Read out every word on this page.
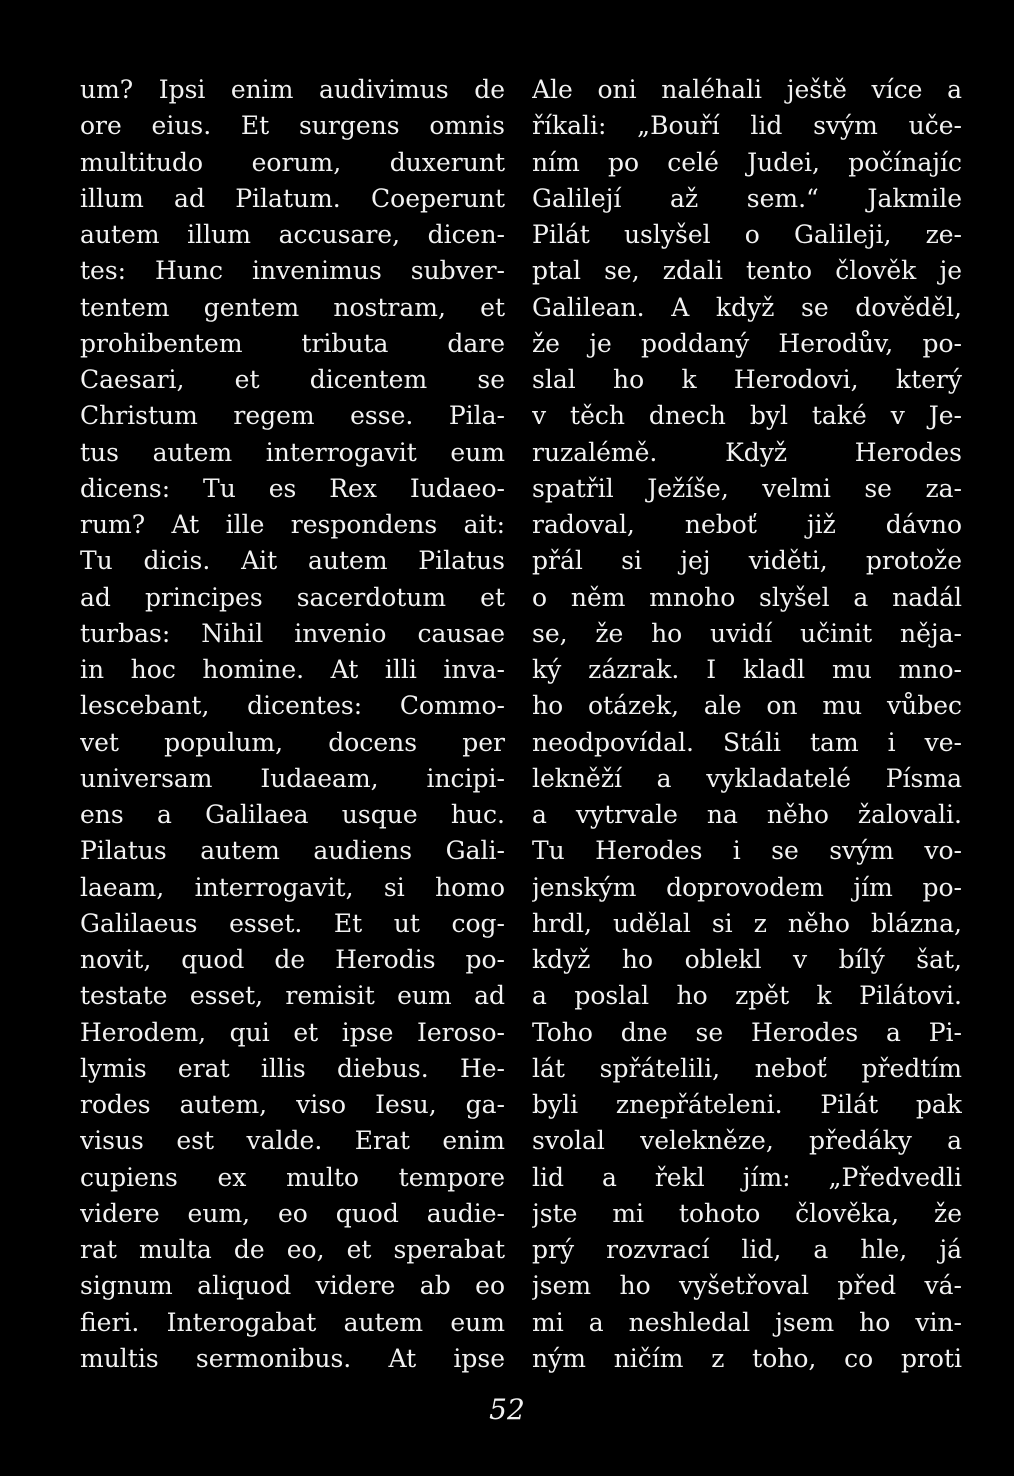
um? Ipsi enim audivimus de
ore eius. Et surgens omnis
multitudo eorum, duxerunt
illum ad Pilatum. Coeperunt
autem illum accusare, dicen-
tes: Hunc invenimus subver-
tentem gentem nostram, et
prohibentem tributa dare
Caesari, et dicentem se
Christum regem esse. Pila-
tus autem interrogavit eum
dicens: Tu es Rex Iudaeo-
rum? At ille respondens ait:
Tu dicis. Ait autem Pilatus
ad principes sacerdotum et
turbas: Nihil invenio causae
in hoc homine. At illi inva-
lescebant, dicentes: Commo-
vet populum, docens per
universam Iudaeam, incipi-
ens a Galilaea usque huc.
Pilatus autem audiens Gali-
laeam, interrogavit, si homo
Galilaeus esset. Et ut cog-
novit, quod de Herodis po-
testate esset, remisit eum ad
Herodem, qui et ipse Ieroso-
lymis erat illis diebus. He-
rodes autem, viso Iesu, ga-
visus est valde. Erat enim
cupiens ex multo tempore
videre eum, eo quod audie-
rat multa de eo, et sperabat
signum aliquod videre ab eo
fieri. Interogabat autem eum
multis sermonibus. At ipse
Ale oni naléhali ještě více a
říkali: „Bouří lid svým uče-
ním po celé Judei, počínajíc
Galilejí až sem.“ Jakmile
Pilát uslyšel o Galileji, ze-
ptal se, zdali tento člověk je
Galilean. A když se dověděl,
že je poddaný Herodův, po-
slal ho k Herodovi, který
v těch dnech byl také v Je-
ruzalémě. Když Herodes
spatřil Ježíše, velmi se za-
radoval, neboť již dávno
přál si jej viděti, protože
o něm mnoho slyšel a nadál
se, že ho uvidí učinit něja-
ký zázrak. I kladl mu mno-
ho otázek, ale on mu vůbec
neodpovídal. Stáli tam i ve-
lekněží a vykladatelé Písma
a vytrvale na něho žalovali.
Tu Herodes i se svým vo-
jenským doprovodem jím po-
hrdl, udělal si z něho blázna,
když ho oblekl v bílý šat,
a poslal ho zpět k Pilátovi.
Toho dne se Herodes a Pi-
lát spřátelili, neboť předtím
byli znepřáteleni. Pilát pak
svolal velekněze, předáky a
lid a řekl jím: „Předvedli
jste mi tohoto člověka, že
prý rozvrací lid, a hle, já
jsem ho vyšetřoval před vá-
mi a neshledal jsem ho vin-
ným ničím z toho, co proti
52
